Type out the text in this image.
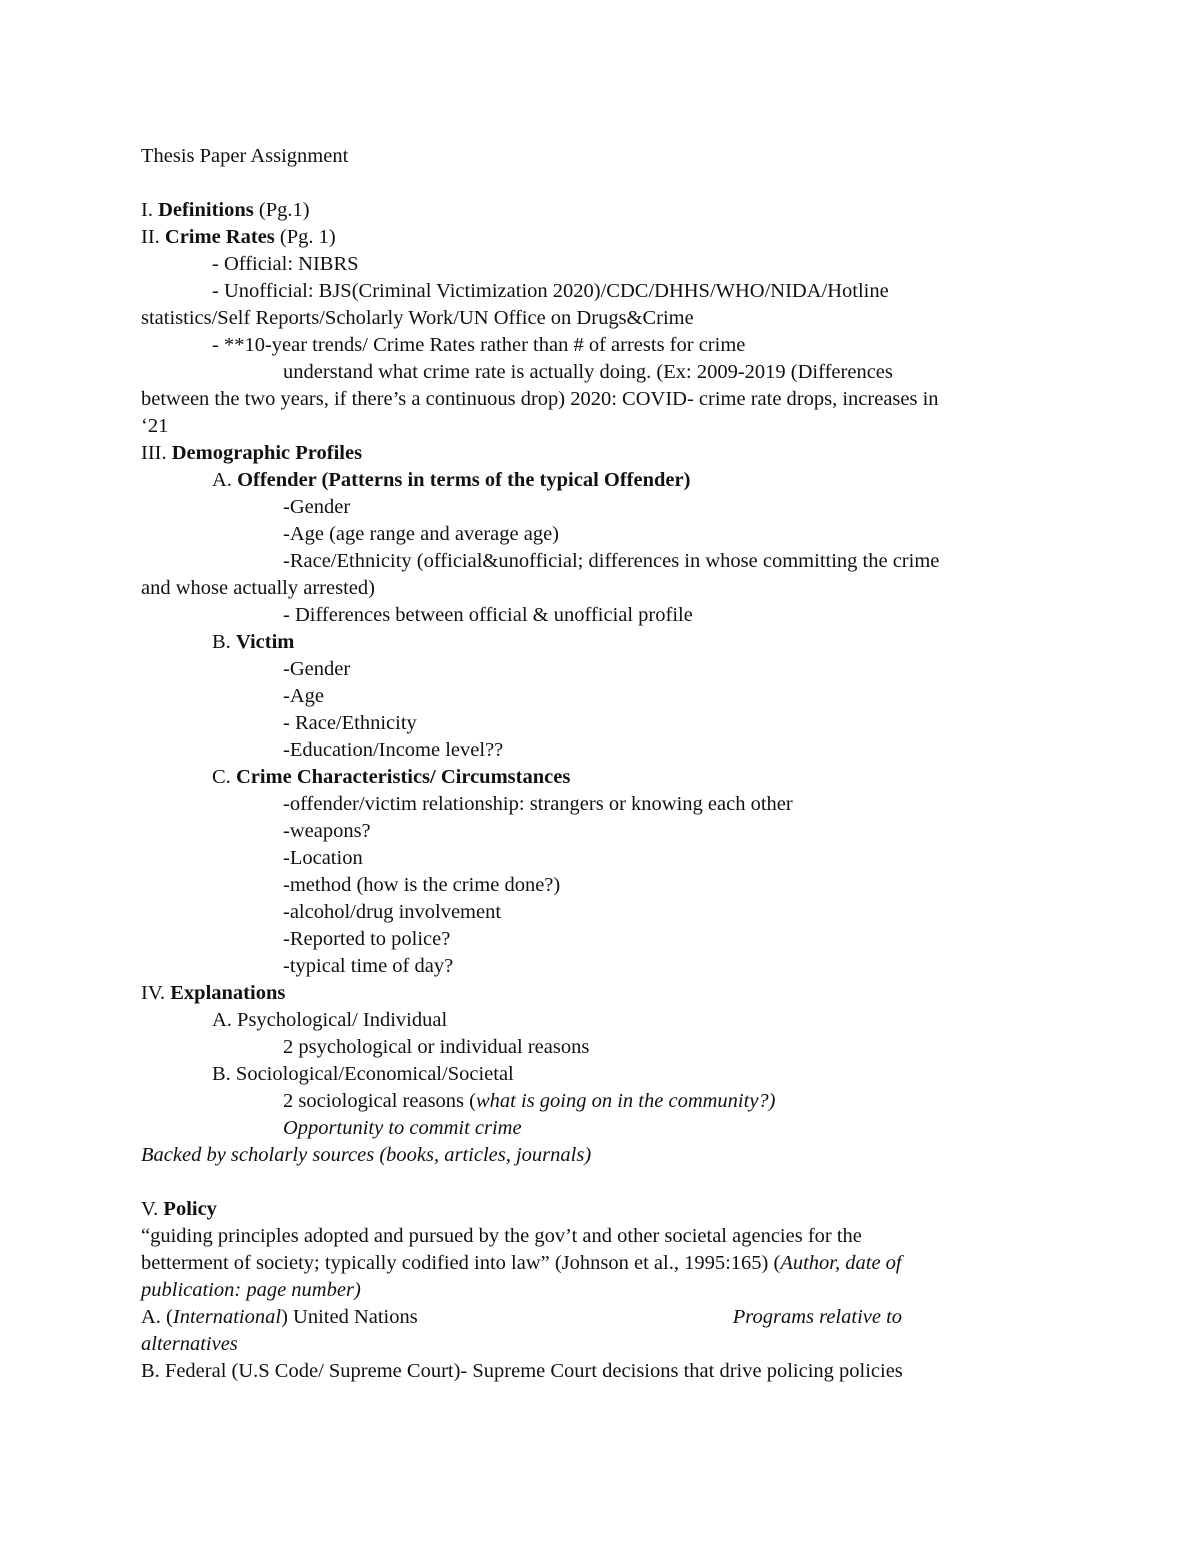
Thesis Paper Assignment
I. Definitions (Pg.1)
II. Crime Rates (Pg. 1)
- Official: NIBRS
- Unofficial: BJS(Criminal Victimization 2020)/CDC/DHHS/WHO/NIDA/Hotline
statistics/Self Reports/Scholarly Work/UN Office on Drugs&Crime
- **10-year trends/ Crime Rates rather than # of arrests for crime
understand what crime rate is actually doing. (Ex: 2009-2019 (Differences
between the two years, if there’s a continuous drop) 2020: COVID- crime rate drops, increases in
‘21
III. Demographic Profiles
A. Offender (Patterns in terms of the typical Offender)
-Gender
-Age (age range and average age)
-Race/Ethnicity (official&unofficial; differences in whose committing the crime
and whose actually arrested)
- Differences between official & unofficial profile
B. Victim
-Gender
-Age
- Race/Ethnicity
-Education/Income level??
C. Crime Characteristics/ Circumstances
-offender/victim relationship: strangers or knowing each other
-weapons?
-Location
-method (how is the crime done?)
-alcohol/drug involvement
-Reported to police?
-typical time of day?
IV. Explanations
A. Psychological/ Individual
2 psychological or individual reasons
B. Sociological/Economical/Societal
2 sociological reasons (what is going on in the community?)
Opportunity to commit crime
Backed by scholarly sources (books, articles, journals)
V. Policy
“guiding principles adopted and pursued by the gov’t and other societal agencies for the
betterment of society; typically codified into law” (Johnson et al., 1995:165) (Author, date of
publication: page number)
A. (International) United Nations	Programs relative to
alternatives
B. Federal (U.S Code/ Supreme Court)- Supreme Court decisions that drive policing policies
